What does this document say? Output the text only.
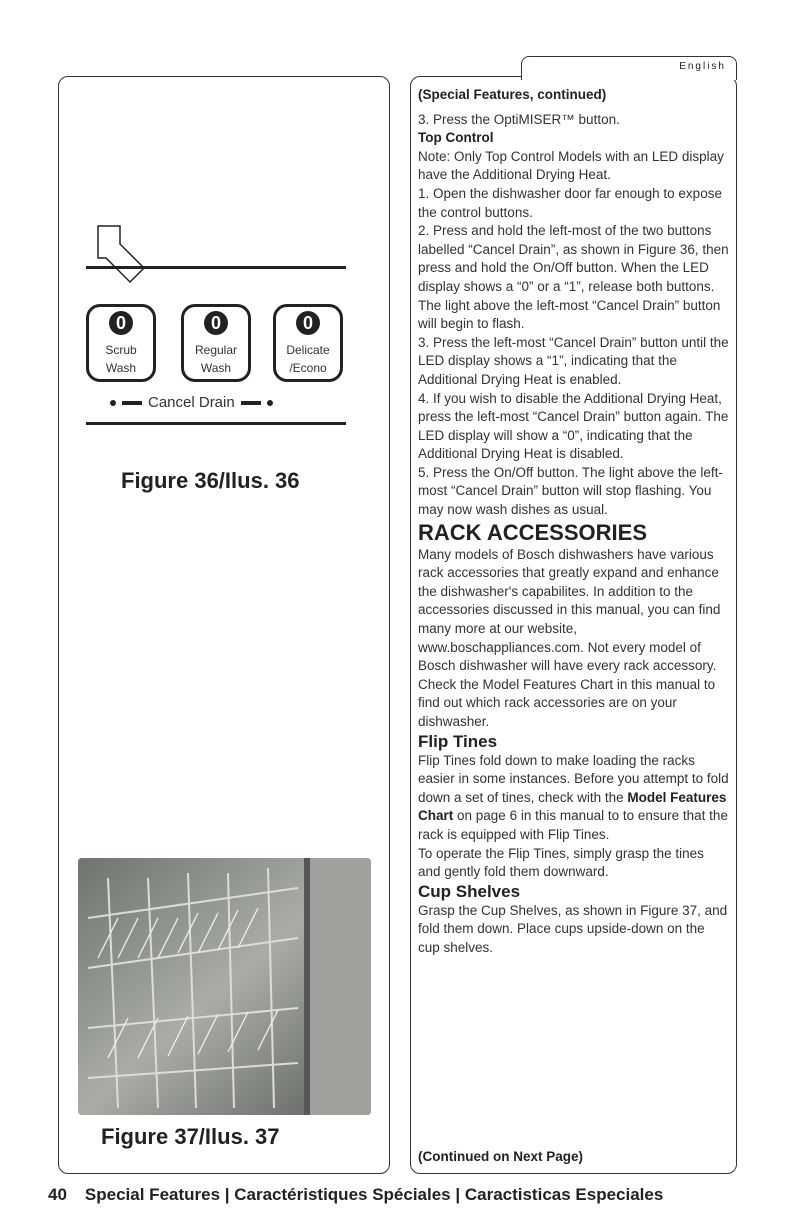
English
0
Scrub
Wash
0
Regular
Wash
0
Delicate
/Econo
Cancel Drain
Figure 36/Ilus. 36
Figure 37/Ilus. 37

(Special Features, continued)

3. Press the OptiMISER™ button.

Top Control

Note: Only Top Control Models with an LED display have the Additional Drying Heat.

1. Open the dishwasher door far enough to expose the control buttons.

2. Press and hold the left-most of the two buttons labelled “Cancel Drain”, as shown in Figure 36, then press and hold the On/Off button. When the LED display shows a “0” or a “1”, release both buttons. The light above the left-most “Cancel Drain” button will begin to flash.

3. Press the left-most “Cancel Drain” button until the LED display shows a “1”, indicating that the Additional Drying Heat is enabled.

4. If you wish to disable the Additional Drying Heat, press the left-most “Cancel Drain” button again. The LED display will show a “0”, indicating that the Additional Drying Heat is disabled.

5. Press the On/Off button. The light above the left-most “Cancel Drain” button will stop flashing. You may now wash dishes as usual.

RACK ACCESSORIES

Many models of Bosch dishwashers have various rack accessories that greatly expand and enhance the dishwasher's capabilites. In addition to the accessories discussed in this manual, you can find many more at our website, www.boschappliances.com. Not every model of Bosch dishwasher will have every rack accessory. Check the Model Features Chart in this manual to find out which rack accessories are on your dishwasher.

Flip Tines

Flip Tines fold down to make loading the racks easier in some instances. Before you attempt to fold down a set of tines, check with the Model Features Chart on page 6 in this manual to to ensure that the rack is equipped with Flip Tines.

To operate the Flip Tines, simply grasp the tines and gently fold them downward.

Cup Shelves

Grasp the Cup Shelves, as shown in Figure 37, and fold them down. Place cups upside-down on the cup shelves.

(Continued on Next Page)
40 Special Features | Caractéristiques Spéciales | Caractisticas Especiales
